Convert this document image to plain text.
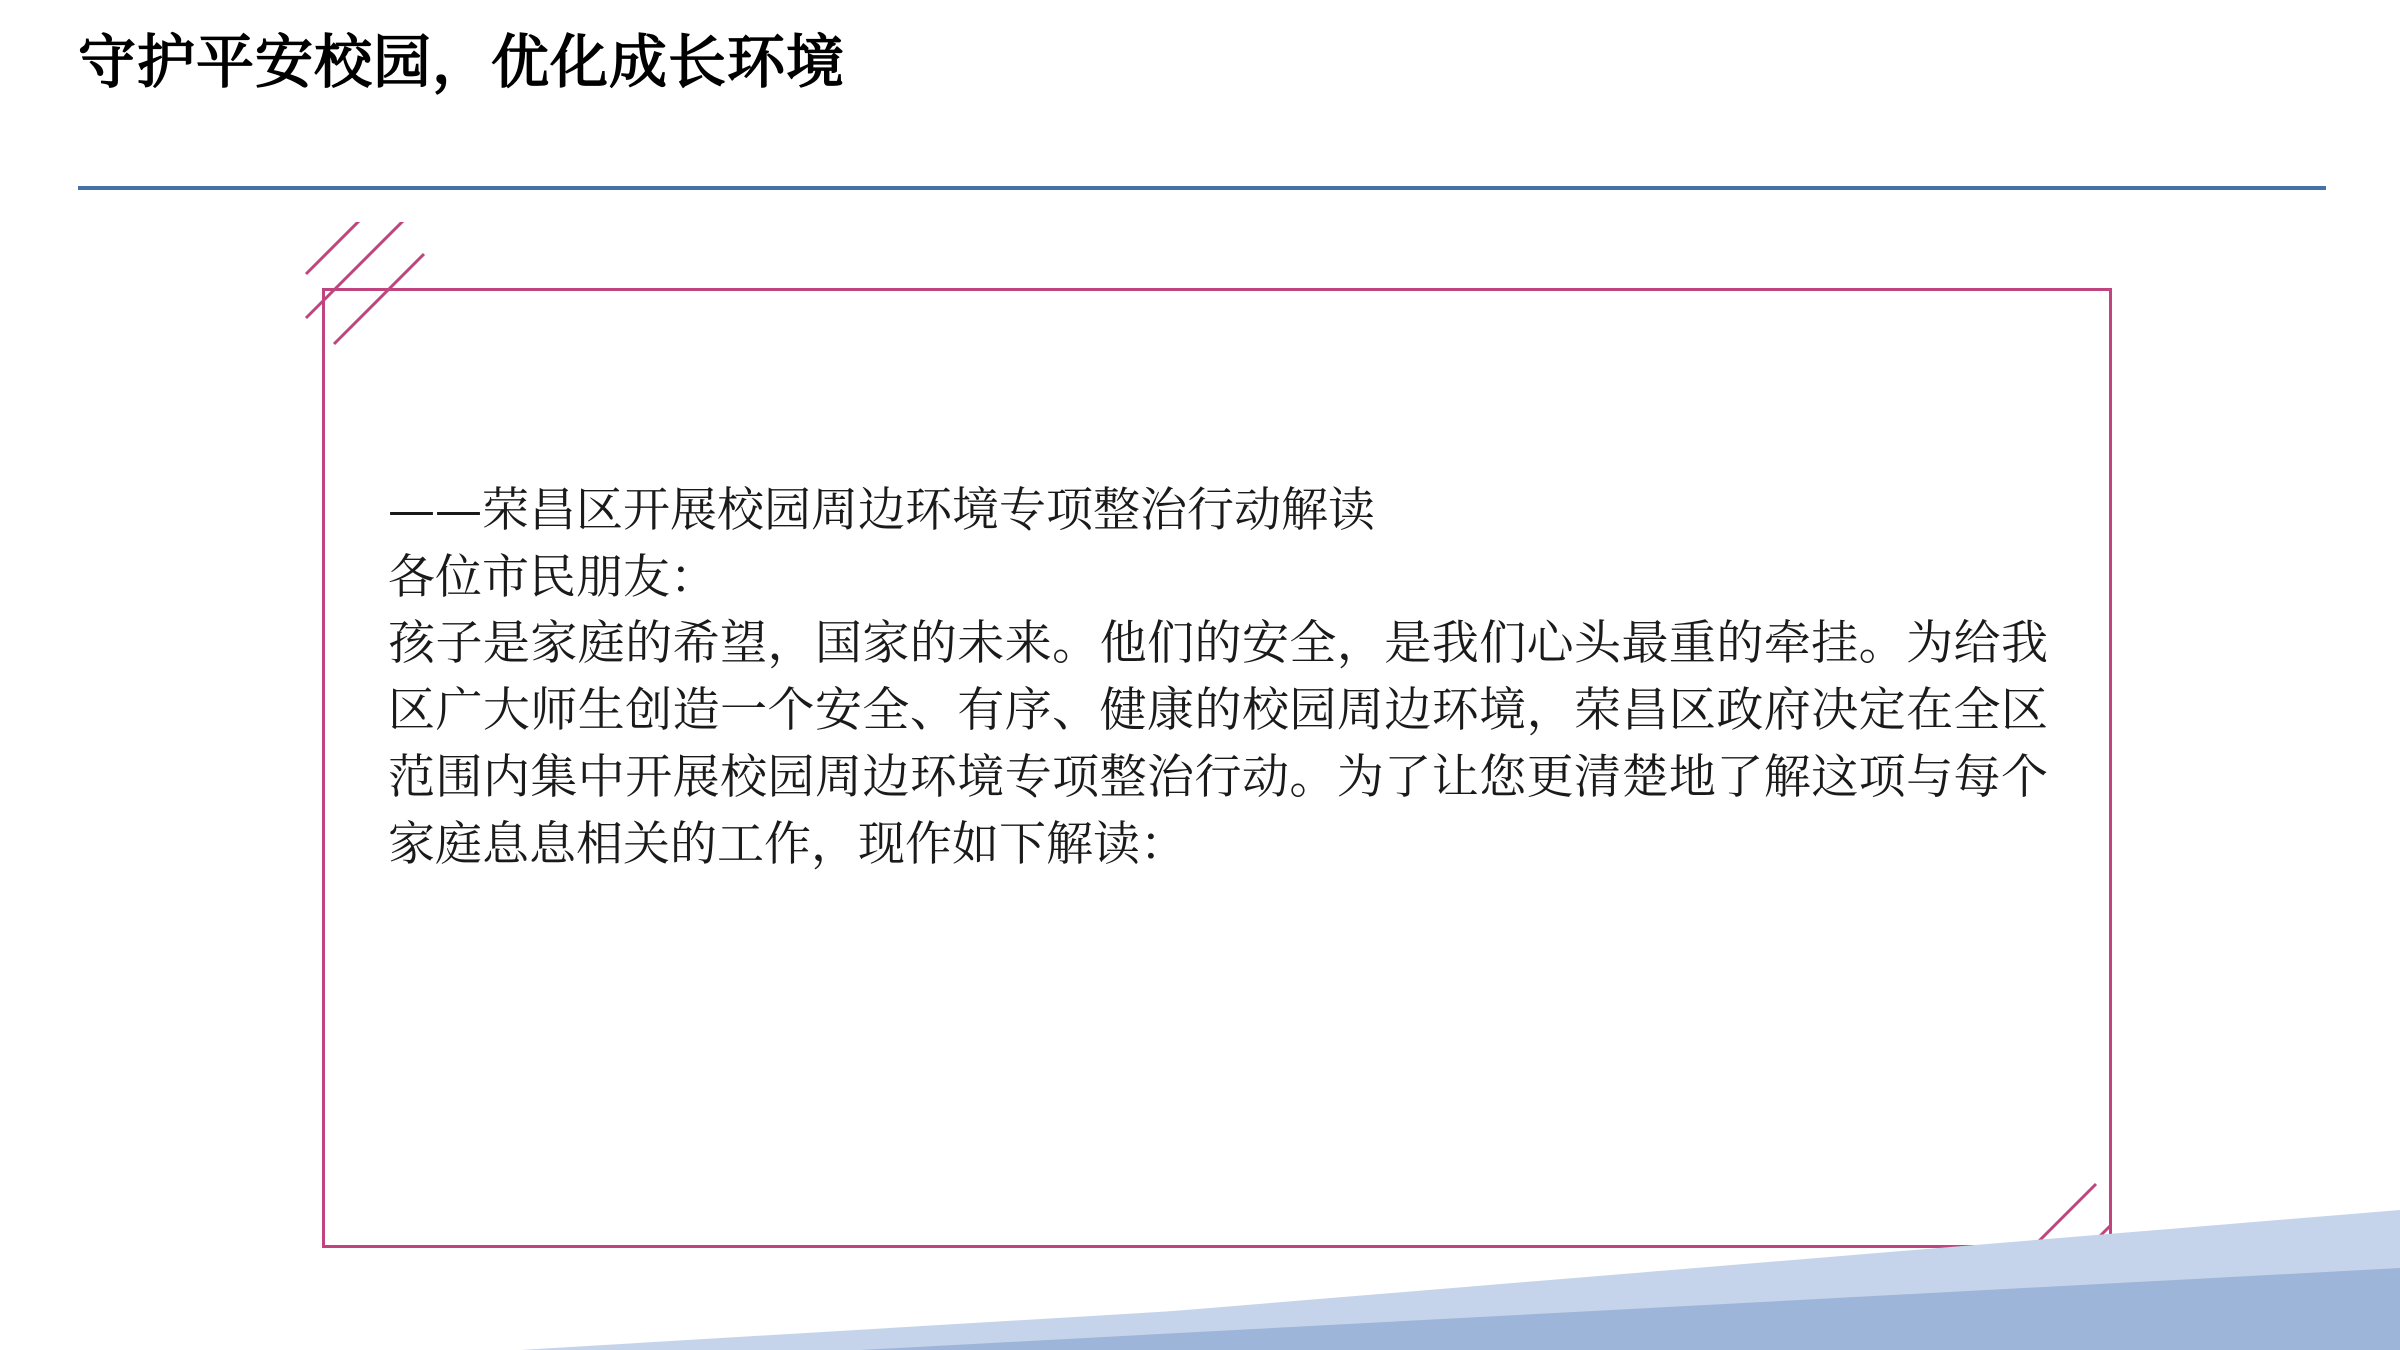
守护平安校园，优化成长环境

——荣昌区开展校园周边环境专项整治行动解读

各位市民朋友：

孩子是家庭的希望，国家的未来。他们的安全，是我们心头最重的牵挂。为给我区广大师生创造一个安全、有序、健康的校园周边环境，荣昌区政府决定在全区范围内集中开展校园周边环境专项整治行动。为了让您更清楚地了解这项与每个家庭息息相关的工作，现作如下解读：
